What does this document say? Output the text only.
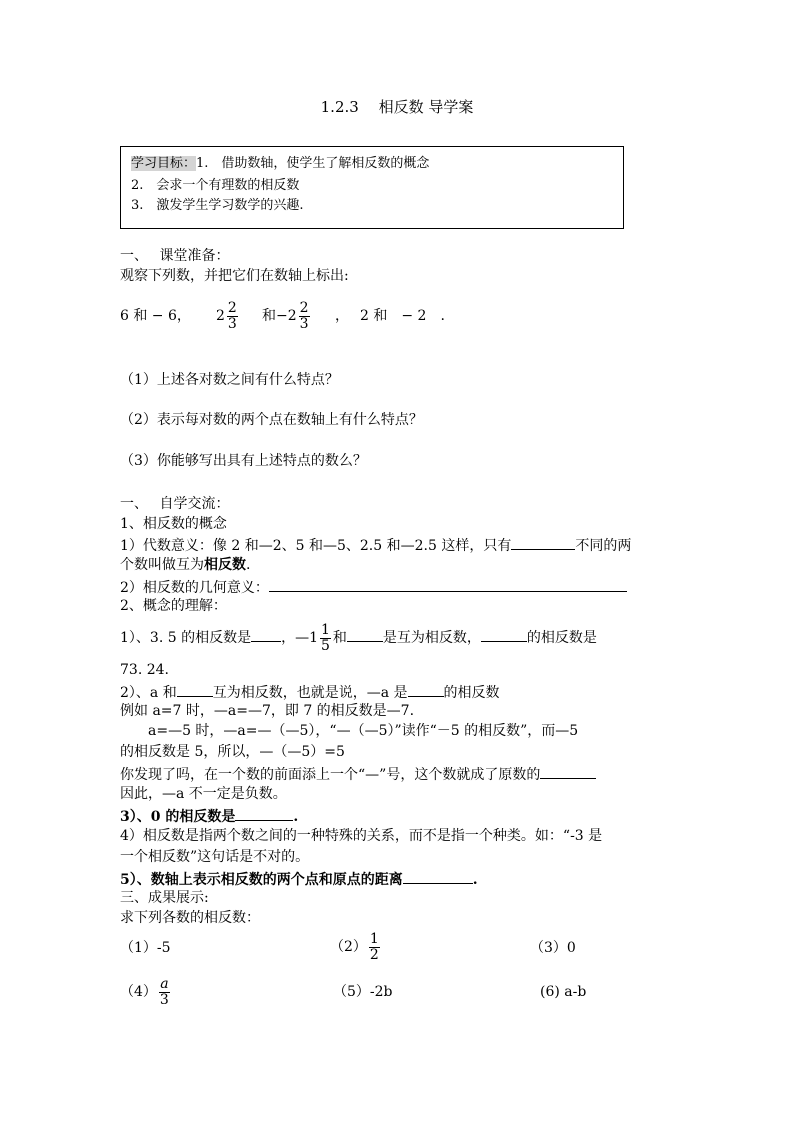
1.2.3　 相反数 导学案
学习目标：1.　借助数轴，使学生了解相反数的概念
2.　会求一个有理数的相反数
3.　激发学生学习数学的兴趣.
一、　 课堂准备：
观察下列数，并把它们在数轴上标出:
6 和 − 6， $2 \frac{2}{3}$ 和$-2 \frac{2}{3}$ ， 2 和　− 2　.
（1）上述各对数之间有什么特点？
（2）表示每对数的两个点在数轴上有什么特点？
（3）你能够写出具有上述特点的数么？
一、　 自学交流：
1、相反数的概念
1）代数意义：像 2 和—2、5 和—5、2.5 和—2.5 这样，只有	不同的两
个数叫做互为相反数.
2）相反数的几何意义：
2、概念的理解：
1）、3. 5 的相反数是 ，—1 $\frac{1}{5}$ 和	是互为相反数，	的相反数是
73. 24.
2）、a 和	互为相反数，也就是说，—a 是	的相反数
例如 a=7 时，—a=—7，即 7 的相反数是—7.
a=—5 时，—a=—（—5），“—（—5）”读作“－5 的相反数”，而—5
的相反数是 5，所以，—（—5）=5
你发现了吗，在一个数的前面添上一个“—”号，这个数就成了原数的
因此，—a 不一定是负数。
3）、0 的相反数是	.
4）相反数是指两个数之间的一种特殊的关系，而不是指一个种类。如：“-3 是
一个相反数”这句话是不对的。
5）、数轴上表示相反数的两个点和原点的距离	.
三、成果展示:
求下列各数的相反数：
（1）-5	$(2) \frac{1}{2}$	（3）0
$(4) \frac{a}{3}$	（5）-2b	(6) a-b
